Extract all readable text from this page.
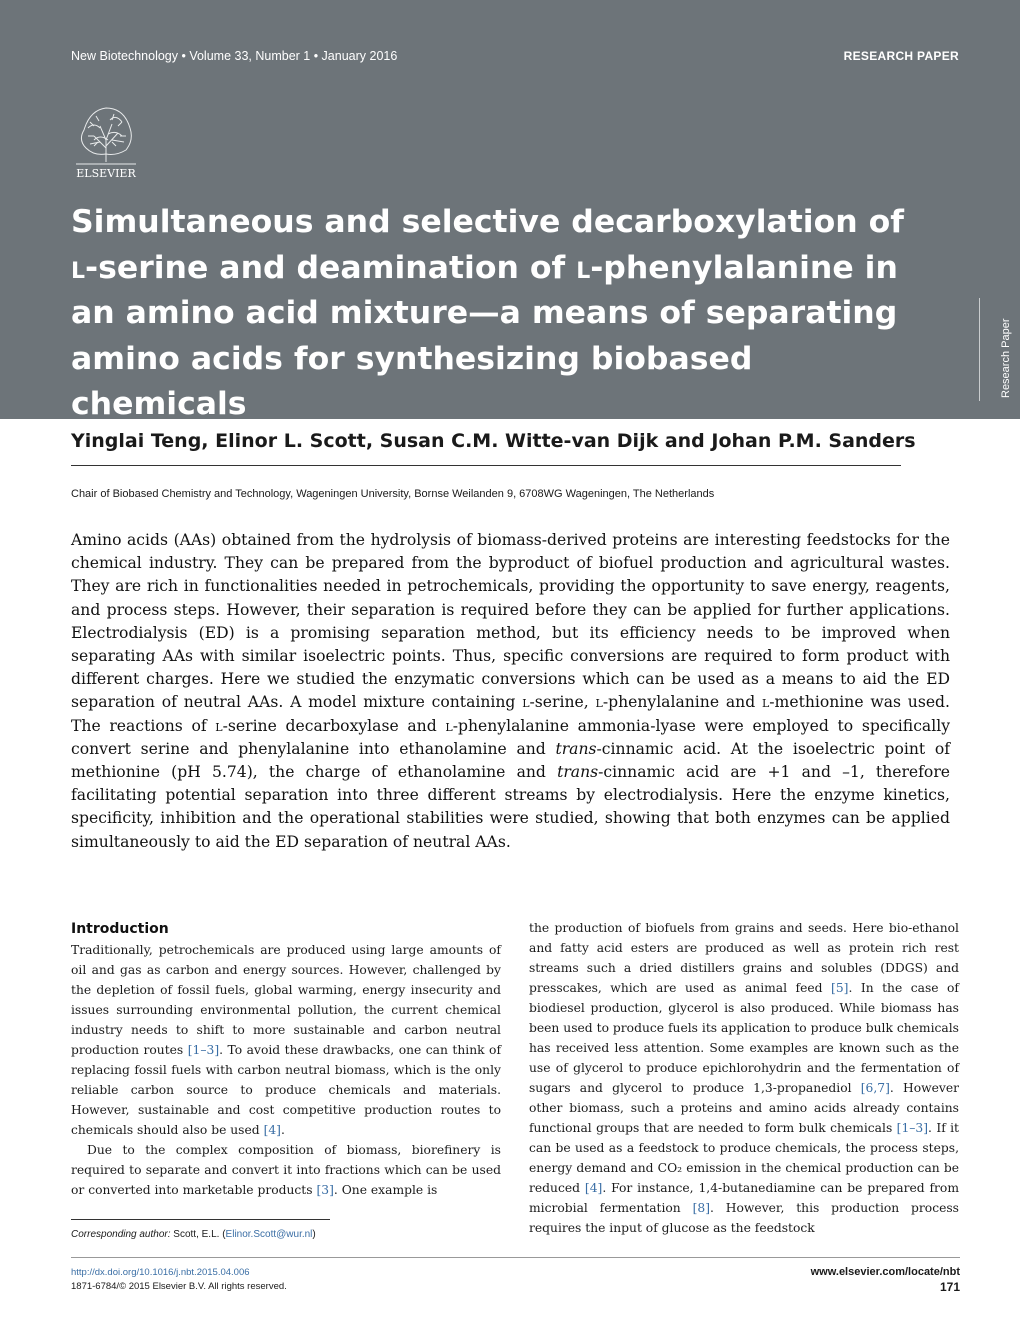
New Biotechnology • Volume 33, Number 1 • January 2016	RESEARCH PAPER
ELSEVIER
Simultaneous and selective decarboxylation of l-serine and deamination of l-phenylalanine in an amino acid mixture—a means of separating amino acids for synthesizing biobased chemicals
Research Paper
Yinglai Teng, Elinor L. Scott, Susan C.M. Witte-van Dijk and Johan P.M. Sanders
Chair of Biobased Chemistry and Technology, Wageningen University, Bornse Weilanden 9, 6708WG Wageningen, The Netherlands

Amino acids (AAs) obtained from the hydrolysis of biomass-derived proteins are interesting feedstocks for the chemical industry. They can be prepared from the byproduct of biofuel production and agricultural wastes. They are rich in functionalities needed in petrochemicals, providing the opportunity to save energy, reagents, and process steps. However, their separation is required before they can be applied for further applications. Electrodialysis (ED) is a promising separation method, but its efficiency needs to be improved when separating AAs with similar isoelectric points. Thus, specific conversions are required to form product with different charges. Here we studied the enzymatic conversions which can be used as a means to aid the ED separation of neutral AAs. A model mixture containing l-serine, l-phenylalanine and l-methionine was used. The reactions of l-serine decarboxylase and l-phenylalanine ammonia-lyase were employed to specifically convert serine and phenylalanine into ethanolamine and trans-cinnamic acid. At the isoelectric point of methionine (pH 5.74), the charge of ethanolamine and trans-cinnamic acid are +1 and –1, therefore facilitating potential separation into three different streams by electrodialysis. Here the enzyme kinetics, specificity, inhibition and the operational stabilities were studied, showing that both enzymes can be applied simultaneously to aid the ED separation of neutral AAs.

Introduction

Traditionally, petrochemicals are produced using large amounts of oil and gas as carbon and energy sources. However, challenged by the depletion of fossil fuels, global warming, energy insecurity and issues surrounding environmental pollution, the current chemical industry needs to shift to more sustainable and carbon neutral production routes [1–3]. To avoid these drawbacks, one can think of replacing fossil fuels with carbon neutral biomass, which is the only reliable carbon source to produce chemicals and materials. However, sustainable and cost competitive production routes to chemicals should also be used [4].

Due to the complex composition of biomass, biorefinery is required to separate and convert it into fractions which can be used or converted into marketable products [3]. One example is

the production of biofuels from grains and seeds. Here bio-ethanol and fatty acid esters are produced as well as protein rich rest streams such a dried distillers grains and solubles (DDGS) and presscakes, which are used as animal feed [5]. In the case of biodiesel production, glycerol is also produced. While biomass has been used to produce fuels its application to produce bulk chemicals has received less attention. Some examples are known such as the use of glycerol to produce epichlorohydrin and the fermentation of sugars and glycerol to produce 1,3-propanediol [6,7]. However other biomass, such a proteins and amino acids already contains functional groups that are needed to form bulk chemicals [1–3]. If it can be used as a feedstock to produce chemicals, the process steps, energy demand and CO₂ emission in the chemical production can be reduced [4]. For instance, 1,4-butanediamine can be prepared from microbial fermentation [8]. However, this production process requires the input of glucose as the feedstock

Corresponding author: Scott, E.L. (Elinor.Scott@wur.nl)
http://dx.doi.org/10.1016/j.nbt.2015.04.006
1871-6784/© 2015 Elsevier B.V. All rights reserved.
www.elsevier.com/locate/nbt
171
